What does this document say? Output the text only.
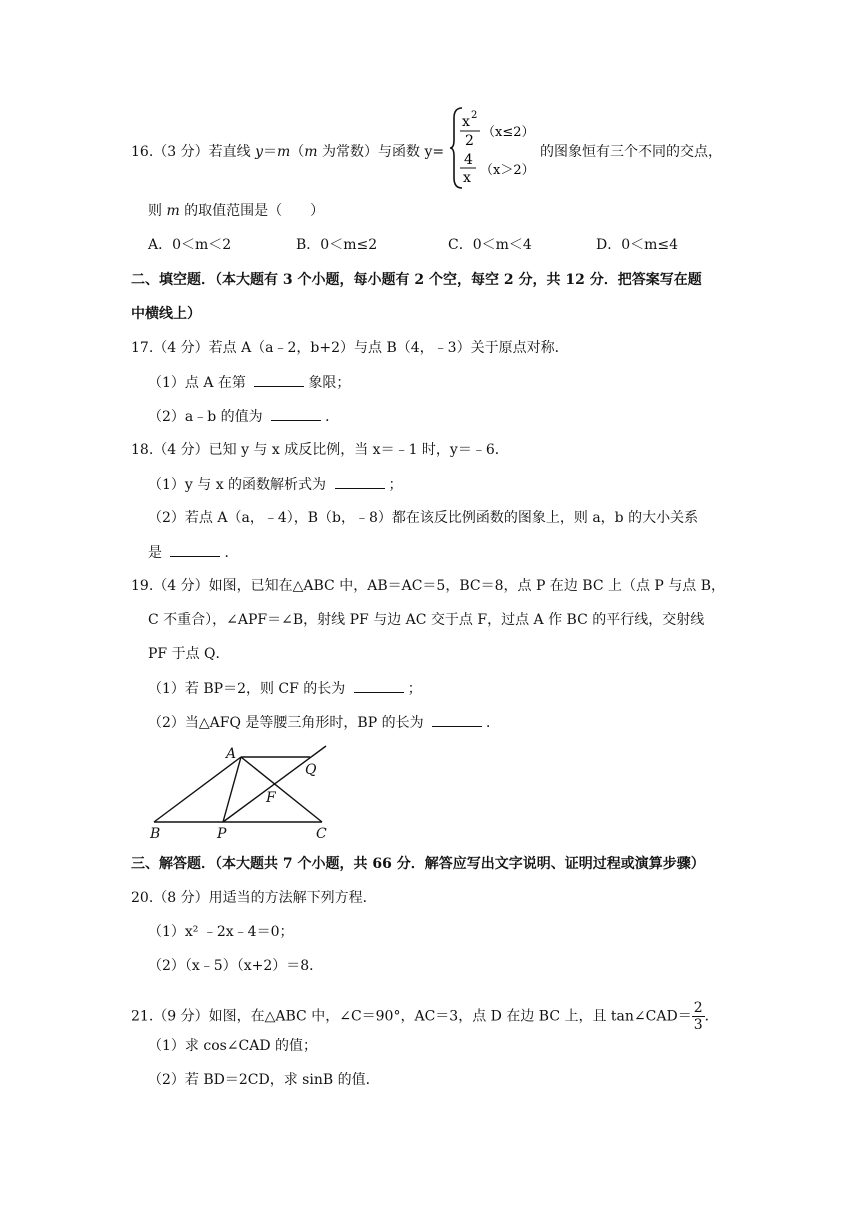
16.（3 分）若直线 y＝m（m 为常数）与函数 y=
x 2
2
（x≤2）
4
x （x＞2）
的图象恒有三个不同的交点，
则 m 的取值范围是（　　）
A．0＜m＜2	B．0＜m≤2	C．0＜m＜4	D．0＜m≤4
二、填空题．（本大题有 3 个小题，每小题有 2 个空，每空 2 分，共 12 分．把答案写在题
中横线上）
17.（4 分）若点 A（a﹣2，b+2）与点 B（4，﹣3）关于原点对称．
（1）点 A 在第	象限；
（2）a﹣b 的值为	．
18.（4 分）已知 y 与 x 成反比例，当 x＝﹣1 时，y＝﹣6．
（1）y 与 x 的函数解析式为	；
（2）若点 A（a，﹣4），B（b，﹣8）都在该反比例函数的图象上，则 a，b 的大小关系
是	．
19.（4 分）如图，已知在△ABC 中，AB＝AC＝5，BC＝8，点 P 在边 BC 上（点 P 与点 B，
C 不重合），∠APF＝∠B，射线 PF 与边 AC 交于点 F，过点 A 作 BC 的平行线，交射线
PF 于点 Q．
（1）若 BP＝2，则 CF 的长为	；
（2）当△AFQ 是等腰三角形时，BP 的长为	．
A
Q
F
B	P	C
三、解答题．（本大题共 7 个小题，共 66 分．解答应写出文字说明、证明过程或演算步骤）
20.（8 分）用适当的方法解下列方程．
（1）x² ﹣2x﹣4＝0；
（2）（x﹣5）（x+2）＝8．
21.（9 分）如图，在△ABC 中，∠C＝90°，AC＝3，点 D 在边 BC 上，且 tan∠CAD＝ $\frac{2}{3}$ ．
（1）求 cos∠CAD 的值；
（2）若 BD＝2CD，求 sinB 的值．
